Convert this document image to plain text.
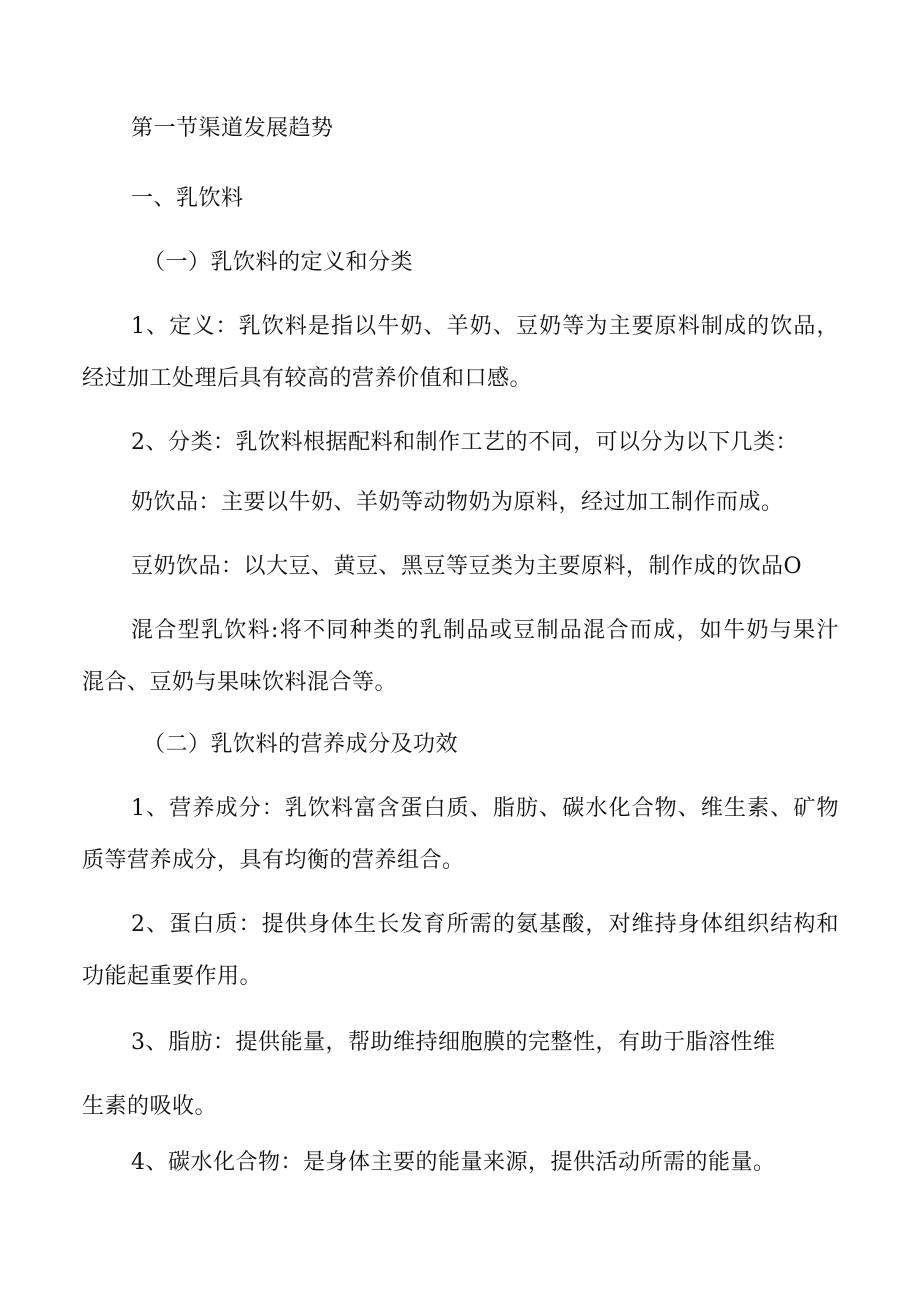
第一节渠道发展趋势
一、乳饮料
（一）乳饮料的定义和分类
1、定义：乳饮料是指以牛奶、羊奶、豆奶等为主要原料制成的饮品，
经过加工处理后具有较高的营养价值和口感。
2、分类：乳饮料根据配料和制作工艺的不同，可以分为以下几类：
奶饮品：主要以牛奶、羊奶等动物奶为原料，经过加工制作而成。
豆奶饮品：以大豆、黄豆、黑豆等豆类为主要原料，制作成的饮品O
混合型乳饮料:将不同种类的乳制品或豆制品混合而成，如牛奶与果汁
混合、豆奶与果味饮料混合等。
（二）乳饮料的营养成分及功效
1、营养成分：乳饮料富含蛋白质、脂肪、碳水化合物、维生素、矿物
质等营养成分，具有均衡的营养组合。
2、蛋白质：提供身体生长发育所需的氨基酸，对维持身体组织结构和
功能起重要作用。
3、脂肪：提供能量，帮助维持细胞膜的完整性，有助于脂溶性维
生素的吸收。
4、碳水化合物：是身体主要的能量来源，提供活动所需的能量。
